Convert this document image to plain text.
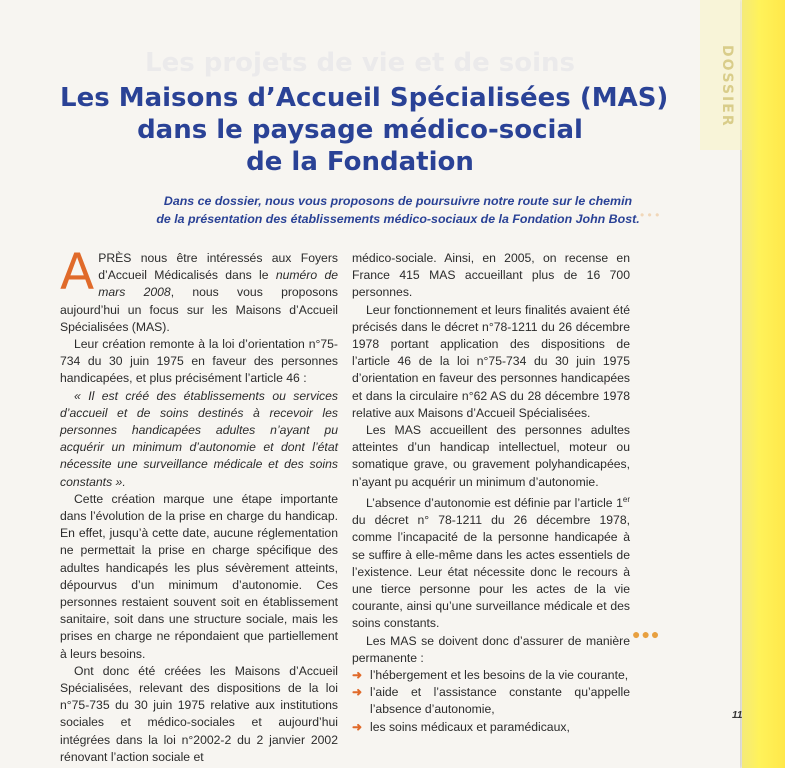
Les projets de vie et de soins
Les Maisons d’Accueil Spécialisées (MAS)
dans le paysage médico-social
de la Fondation
Dans ce dossier, nous vous proposons de poursuivre notre route sur le chemin
de la présentation des établissements médico-sociaux de la Fondation John Bost. • • •

APRÈS nous être intéressés aux Foyers d’Accueil Médicalisés dans le numéro de mars 2008, nous vous proposons aujourd’hui un focus sur les Maisons d’Accueil Spécialisées (MAS).

Leur création remonte à la loi d’orientation n°75-734 du 30 juin 1975 en faveur des personnes handicapées, et plus précisément l’article 46 :

« Il est créé des établissements ou services d’accueil et de soins destinés à recevoir les personnes handicapées adultes n’ayant pu acquérir un minimum d’autonomie et dont l’état nécessite une surveillance médicale et des soins constants ».

Cette création marque une étape importante dans l’évolution de la prise en charge du handicap. En effet, jusqu’à cette date, aucune réglementation ne permettait la prise en charge spécifique des adultes handicapés les plus sévèrement atteints, dépourvus d’un minimum d’autonomie. Ces personnes restaient souvent soit en établissement sanitaire, soit dans une structure sociale, mais les prises en charge ne répondaient que partiellement à leurs besoins.

Ont donc été créées les Maisons d’Accueil Spécialisées, relevant des dispositions de la loi n°75-735 du 30 juin 1975 relative aux institutions sociales et médico-sociales et aujourd’hui intégrées dans la loi n°2002-2 du 2 janvier 2002 rénovant l’action sociale et

médico-sociale. Ainsi, en 2005, on recense en France 415 MAS accueillant plus de 16 700 personnes.

Leur fonctionnement et leurs finalités avaient été précisés dans le décret n°78-1211 du 26 décembre 1978 portant application des dispositions de l’article 46 de la loi n°75-734 du 30 juin 1975 d’orientation en faveur des personnes handicapées et dans la circulaire n°62 AS du 28 décembre 1978 relative aux Maisons d’Accueil Spécialisées.

Les MAS accueillent des personnes adultes atteintes d’un handicap intellectuel, moteur ou somatique grave, ou gravement polyhandicapées, n’ayant pu acquérir un minimum d’autonomie.

L’absence d’autonomie est définie par l’article 1er du décret n° 78-1211 du 26 décembre 1978, comme l’incapacité de la personne handicapée à se suffire à elle-même dans les actes essentiels de l’existence. Leur état nécessite donc le recours à une tierce personne pour les actes de la vie courante, ainsi qu’une surveillance médicale et des soins constants.

Les MAS se doivent donc d’assurer de manière permanente :

➜ l’hébergement et les besoins de la vie courante,
➜ l’aide et l’assistance constante qu’appelle l’absence d’autonomie,
➜ les soins médicaux et paramédicaux,
●●●
11
DOSSIER
